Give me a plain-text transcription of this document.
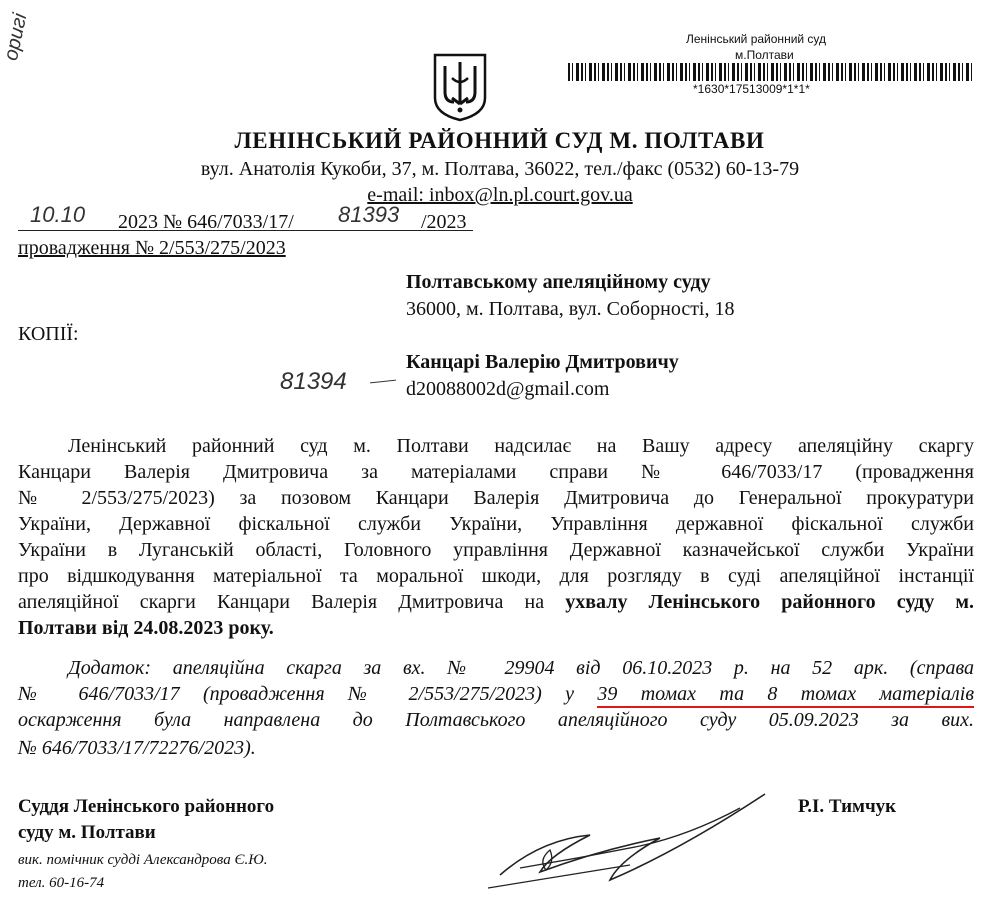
оригі	Ленінський районний суд
м.Полтави
*1630*17513009*1*1*
ЛЕНІНСЬКИЙ РАЙОННИЙ СУД М. ПОЛТАВИ
вул. Анатолія Кукоби, 37, м. Полтава, 36022, тел./факс (0532) 60-13-79
e-mail: inbox@ln.pl.court.gov.ua
10.10 2023 № 646/7033/17/ 81393 /2023
провадження № 2/553/275/2023
Полтавському апеляційному суду
36000, м. Полтава, вул. Соборності, 18
КОПІЇ:
Канцарі Валерію Дмитровичу
81394	d20088002d@gmail.com
Ленінський районний суд м. Полтави надсилає на Вашу адресу апеляційну скаргу
Канцари Валерія Дмитровича за матеріалами справи № 646/7033/17 (провадження
№ 2/553/275/2023) за позовом Канцари Валерія Дмитровича до Генеральної прокуратури
України, Державної фіскальної служби України, Управління державної фіскальної служби
України в Луганській області, Головного управління Державної казначейської служби України
про відшкодування матеріальної та моральної шкоди, для розгляду в суді апеляційної інстанції
апеляційної скарги Канцари Валерія Дмитровича на ухвалу Ленінського районного суду м.
Полтави від 24.08.2023 року.
Додаток: апеляційна скарга за вх. № 29904 від 06.10.2023 р. на 52 арк. (справа
№ 646/7033/17 (провадження № 2/553/275/2023) у 39 томах та 8 томах матеріалів
оскарження була направлена до Полтавського апеляційного суду 05.09.2023 за вих.
№ 646/7033/17/72276/2023).
Суддя Ленінського районного
суду м. Полтави
Р.І. Тимчук
вик. помічник судді Александрова Є.Ю.
тел. 60-16-74
